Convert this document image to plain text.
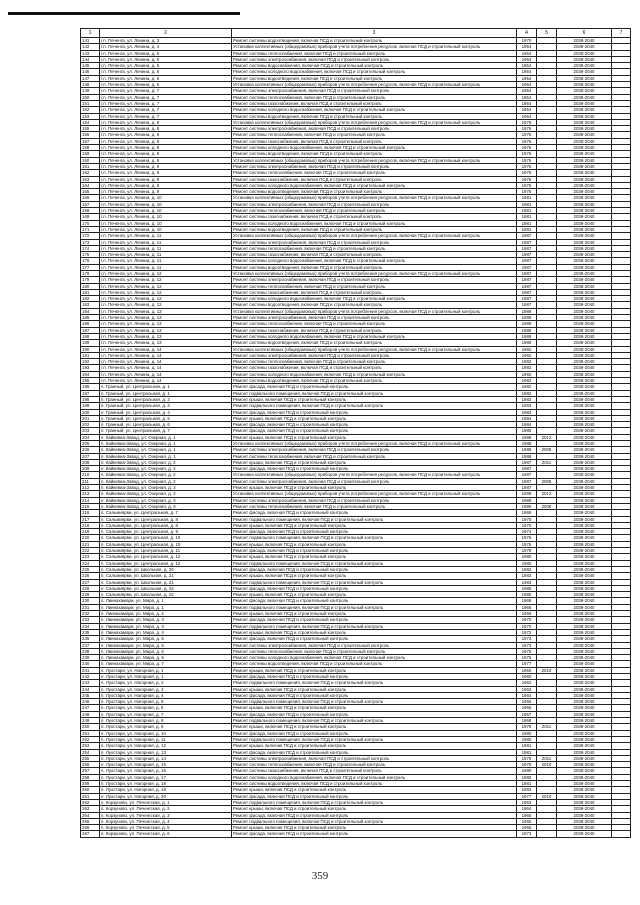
1	2	3	4	5	6	7
141	г.п. Печенга, ул. Ленина, д. 3	Ремонт системы водоотведения, включая ПСД и строительный контроль	1970		2038-2040	
142	г.п. Печенга, ул. Ленина, д. 4	Установка коллективных (общедомовых) приборов учета потребления ресурсов, включая ПСД и строительный контроль	1954		2038-2040	
143	г.п. Печенга, ул. Ленина, д. 5	Ремонт системы теплоснабжения, включая ПСД и строительный контроль	1954		2038-2040	
144	г.п. Печенга, ул. Ленина, д. 5	Ремонт системы электроснабжения, включая ПСД и строительный контроль	1954		2038-2040	
145	г.п. Печенга, ул. Ленина, д. 5	Ремонт системы водоснабжения, включая ПСД и строительный контроль	1954		2038-2040	
146	г.п. Печенга, ул. Ленина, д. 6	Ремонт системы холодного водоснабжения, включая ПСД и строительный контроль	1954		2038-2040	
147	г.п. Печенга, ул. Ленина, д. 6	Ремонт системы водоотведения, включая ПСД и строительный контроль	1954		2038-2040	
148	г.п. Печенга, ул. Ленина, д. 6	Установка коллективных (общедомовых) приборов учета потребления ресурсов, включая ПСД и строительный контроль	1954		2038-2040	
149	г.п. Печенга, ул. Ленина, д. 7	Ремонт системы электроснабжения, включая ПСД и строительный контроль	1954		2038-2040	
150	г.п. Печенга, ул. Ленина, д. 7	Ремонт системы теплоснабжения, включая ПСД и строительный контроль	1954		2038-2040	
151	г.п. Печенга, ул. Ленина, д. 7	Ремонт системы газоснабжения, включая ПСД и строительный контроль	1954		2038-2040	
152	г.п. Печенга, ул. Ленина, д. 7	Ремонт системы холодного водоснабжения, включая ПСД и строительный контроль	1954		2038-2040	
153	г.п. Печенга, ул. Ленина, д. 7	Ремонт системы водоотведения, включая ПСД и строительный контроль	1954		2038-2040	
154	г.п. Печенга, ул. Ленина, д. 8	Установка коллективных (общедомовых) приборов учета потребления ресурсов, включая ПСД и строительный контроль	1976		2038-2040	
155	г.п. Печенга, ул. Ленина, д. 8	Ремонт системы электроснабжения, включая ПСД и строительный контроль	1976		2038-2040	
156	г.п. Печенга, ул. Ленина, д. 8	Ремонт системы теплоснабжения, включая ПСД и строительный контроль	1976		2038-2040	
157	г.п. Печенга, ул. Ленина, д. 8	Ремонт системы газоснабжения, включая ПСД и строительный контроль	1976		2038-2040	
158	г.п. Печенга, ул. Ленина, д. 8	Ремонт системы холодного водоснабжения, включая ПСД и строительный контроль	1976		2038-2040	
159	г.п. Печенга, ул. Ленина, д. 8	Ремонт системы водоотведения, включая ПСД и строительный контроль	1976		2038-2040	
160	г.п. Печенга, ул. Ленина, д. 9	Установка коллективных (общедомовых) приборов учета потребления ресурсов, включая ПСД и строительный контроль	1976		2038-2040	
161	г.п. Печенга, ул. Ленина, д. 9	Ремонт системы электроснабжения, включая ПСД и строительный контроль	1976		2038-2040	
162	г.п. Печенга, ул. Ленина, д. 9	Ремонт системы теплоснабжения, включая ПСД и строительный контроль	1976		2038-2040	
163	г.п. Печенга, ул. Ленина, д. 9	Ремонт системы газоснабжения, включая ПСД и строительный контроль	1976		2038-2040	
164	г.п. Печенга, ул. Ленина, д. 9	Ремонт системы холодного водоснабжения, включая ПСД и строительный контроль	1976		2038-2040	
165	г.п. Печенга, ул. Ленина, д. 9	Ремонт системы водоотведения, включая ПСД и строительный контроль	1976		2038-2040	
166	г.п. Печенга, ул. Ленина, д. 10	Установка коллективных (общедомовых) приборов учета потребления ресурсов, включая ПСД и строительный контроль	1981		2038-2040	
167	г.п. Печенга, ул. Ленина, д. 10	Ремонт системы электроснабжения, включая ПСД и строительный контроль	1981		2038-2040	
168	г.п. Печенга, ул. Ленина, д. 10	Ремонт системы теплоснабжения, включая ПСД и строительный контроль	1981		2038-2040	
169	г.п. Печенга, ул. Ленина, д. 10	Ремонт системы газоснабжения, включая ПСД и строительный контроль	1981		2038-2040	
170	г.п. Печенга, ул. Ленина, д. 10	Ремонт системы холодного водоснабжения, включая ПСД и строительный контроль	1981		2038-2040	
171	г.п. Печенга, ул. Ленина, д. 10	Ремонт системы водоотведения, включая ПСД и строительный контроль	1981		2038-2040	
172	г.п. Печенга, ул. Ленина, д. 11	Установка коллективных (общедомовых) приборов учета потребления ресурсов, включая ПСД и строительный контроль	1987		2038-2040	
173	г.п. Печенга, ул. Ленина, д. 11	Ремонт системы электроснабжения, включая ПСД и строительный контроль	1987		2038-2040	
174	г.п. Печенга, ул. Ленина, д. 11	Ремонт системы теплоснабжения, включая ПСД и строительный контроль	1987		2038-2040	
175	г.п. Печенга, ул. Ленина, д. 11	Ремонт системы газоснабжения, включая ПСД и строительный контроль	1987		2038-2040	
176	г.п. Печенга, ул. Ленина, д. 11	Ремонт системы холодного водоснабжения, включая ПСД и строительный контроль	1987		2038-2040	
177	г.п. Печенга, ул. Ленина, д. 11	Ремонт системы водоотведения, включая ПСД и строительный контроль	1987		2038-2040	
178	г.п. Печенга, ул. Ленина, д. 12	Установка коллективных (общедомовых) приборов учета потребления ресурсов, включая ПСД и строительный контроль	1987		2038-2040	
179	г.п. Печенга, ул. Ленина, д. 12	Ремонт системы электроснабжения, включая ПСД и строительный контроль	1987		2038-2040	
180	г.п. Печенга, ул. Ленина, д. 12	Ремонт системы теплоснабжения, включая ПСД и строительный контроль	1987		2038-2040	
181	г.п. Печенга, ул. Ленина, д. 12	Ремонт системы газоснабжения, включая ПСД и строительный контроль	1987		2038-2040	
182	г.п. Печенга, ул. Ленина, д. 12	Ремонт системы холодного водоснабжения, включая ПСД и строительный контроль	1987		2038-2040	
183	г.п. Печенга, ул. Ленина, д. 12	Ремонт системы водоотведения, включая ПСД и строительный контроль	1987		2038-2040	
184	г.п. Печенга, ул. Ленина, д. 13	Установка коллективных (общедомовых) приборов учета потребления ресурсов, включая ПСД и строительный контроль	1989		2038-2040	
185	г.п. Печенга, ул. Ленина, д. 13	Ремонт системы электроснабжения, включая ПСД и строительный контроль	1989		2038-2040	
186	г.п. Печенга, ул. Ленина, д. 13	Ремонт системы теплоснабжения, включая ПСД и строительный контроль	1989		2038-2040	
187	г.п. Печенга, ул. Ленина, д. 13	Ремонт системы газоснабжения, включая ПСД и строительный контроль	1989		2038-2040	
188	г.п. Печенга, ул. Ленина, д. 13	Ремонт системы холодного водоснабжения, включая ПСД и строительный контроль	1989		2038-2040	
189	г.п. Печенга, ул. Ленина, д. 13	Ремонт системы водоотведения, включая ПСД и строительный контроль	1989		2038-2040	
190	г.п. Печенга, ул. Ленина, д. 14	Установка коллективных (общедомовых) приборов учета потребления ресурсов, включая ПСД и строительный контроль	1992		2038-2040	
191	г.п. Печенга, ул. Ленина, д. 14	Ремонт системы электроснабжения, включая ПСД и строительный контроль	1992		2038-2040	
192	г.п. Печенга, ул. Ленина, д. 14	Ремонт системы теплоснабжения, включая ПСД и строительный контроль	1992		2038-2040	
193	г.п. Печенга, ул. Ленина, д. 14	Ремонт системы газоснабжения, включая ПСД и строительный контроль	1992		2038-2040	
194	г.п. Печенга, ул. Ленина, д. 14	Ремонт системы холодного водоснабжения, включая ПСД и строительный контроль	1992		2038-2040	
195	г.п. Печенга, ул. Ленина, д. 14	Ремонт системы водоотведения, включая ПСД и строительный контроль	1992		2038-2040	
196	п. Гранный, ул. Центральная, д. 1	Ремонт фасада, включая ПСД и строительный контроль	1982		2038-2040	
197	п. Гранный, ул. Центральная, д. 1	Ремонт подвального помещения, включая ПСД и строительный контроль	1982		2038-2040	
198	п. Гранный, ул. Центральная, д. 2	Ремонт крыши, включая ПСД и строительный контроль	1982		2038-2040	
199	п. Гранный, ул. Центральная, д. 3	Ремонт подвального помещения, включая ПСД и строительный контроль	1983		2038-2040	
200	п. Гранный, ул. Центральная, д. 4	Ремонт фасада, включая ПСД и строительный контроль	1983		2038-2040	
201	п. Гранный, ул. Центральная, д. 5	Ремонт крыши, включая ПСД и строительный контроль	1984		2038-2040	
202	п. Гранный, ул. Центральная, д. 6	Ремонт фасада, включая ПСД и строительный контроль	1984		2038-2040	
203	п. Гранный, ул. Центральная, д. 7	Ремонт фасада, включая ПСД и строительный контроль	1985		2038-2040	
204	п. Кайкевиа-Завод, ул. Озерная, д. 1	Ремонт крыши, включая ПСД и строительный контроль	1988	2012	2038-2040	
205	п. Кайкевиа-Завод, ул. Озерная, д. 1	Установка коллективных (общедомовых) приборов учета потребления ресурсов, включая ПСД и строительный контроль	1988		2038-2040	
206	п. Кайкевиа-Завод, ул. Озерная, д. 1	Ремонт системы электроснабжения, включая ПСД и строительный контроль	1988	2008	2038-2040	
207	п. Кайкевиа-Завод, ул. Озерная, д. 1	Ремонт системы теплоснабжения, включая ПСД и строительный контроль	1988		2038-2040	
208	п. Кайкевиа-Завод, ул. Озерная, д. 2	Ремонт крыши, включая ПСД и строительный контроль	1987	2011	2038-2040	
209	п. Кайкевиа-Завод, ул. Озерная, д. 2	Ремонт фасада, включая ПСД и строительный контроль	1987		2038-2040	
210	п. Кайкевиа-Завод, ул. Озерная, д. 2	Установка коллективных (общедомовых) приборов учета потребления ресурсов, включая ПСД и строительный контроль	1987		2038-2040	
211	п. Кайкевиа-Завод, ул. Озерная, д. 2	Ремонт системы электроснабжения, включая ПСД и строительный контроль	1987	2008	2038-2040	
212	п. Кайкевиа-Завод, ул. Озерная, д. 3	Ремонт крыши, включая ПСД и строительный контроль	1987		2038-2040	
213	п. Кайкевиа-Завод, ул. Озерная, д. 3	Установка коллективных (общедомовых) приборов учета потребления ресурсов, включая ПСД и строительный контроль	1989	2012	2038-2040	
214	п. Кайкевиа-Завод, ул. Озерная, д. 3	Ремонт системы электроснабжения, включая ПСД и строительный контроль	1989		2038-2040	
215	п. Кайкевиа-Завод, ул. Озерная, д. 3	Ремонт системы теплоснабжения, включая ПСД и строительный контроль	1989	2008	2038-2040	
216	п. Сальмиярви, ул. Центральная, д. 7	Ремонт фасада, включая ПСД и строительный контроль	1969		2038-2040	
217	п. Сальмиярви, ул. Центральная, д. 8	Ремонт подвального помещения, включая ПСД и строительный контроль	1970		2038-2040	
218	п. Сальмиярви, ул. Центральная, д. 8	Ремонт крыши, включая ПСД и строительный контроль	1970		2038-2040	
219	п. Сальмиярви, ул. Центральная, д. 9	Ремонт фасада, включая ПСД и строительный контроль	1974		2038-2040	
220	п. Сальмиярви, ул. Центральная, д. 10	Ремонт подвального помещения, включая ПСД и строительный контроль	1976		2038-2040	
221	п. Сальмиярви, ул. Центральная, д. 10	Ремонт крыши, включая ПСД и строительный контроль	1976		2038-2040	
222	п. Сальмиярви, ул. Центральная, д. 11	Ремонт фасада, включая ПСД и строительный контроль	1978		2038-2040	
223	п. Сальмиярви, ул. Центральная, д. 12	Ремонт крыши, включая ПСД и строительный контроль	1980		2038-2040	
224	п. Сальмиярви, ул. Центральная, д. 12	Ремонт подвального помещения, включая ПСД и строительный контроль	1980		2038-2040	
225	п. Сальмиярви, ул. Школьная, д. 20	Ремонт фасада, включая ПСД и строительный контроль	1982		2038-2040	
226	п. Сальмиярви, ул. Школьная, д. 21	Ремонт крыши, включая ПСД и строительный контроль	1983		2038-2040	
227	п. Сальмиярви, ул. Школьная, д. 21	Ремонт подвального помещения, включая ПСД и строительный контроль	1983		2038-2040	
228	п. Сальмиярви, ул. Школьная, д. 22	Ремонт фасада, включая ПСД и строительный контроль	1985		2038-2040	
229	п. Сальмиярви, ул. Школьная, д. 22	Ремонт крыши, включая ПСД и строительный контроль	1985		2038-2040	
230	п. Лиинахамари, ул. Мира, д. 1	Ремонт фасада, включая ПСД и строительный контроль	1968		2038-2040	
231	п. Лиинахамари, ул. Мира, д. 1	Ремонт подвального помещения, включая ПСД и строительный контроль	1968		2038-2040	
232	п. Лиинахамари, ул. Мира, д. 2	Ремонт крыши, включая ПСД и строительный контроль	1969		2038-2040	
233	п. Лиинахамари, ул. Мира, д. 3	Ремонт фасада, включая ПСД и строительный контроль	1970		2038-2040	
234	п. Лиинахамари, ул. Мира, д. 3	Ремонт подвального помещения, включая ПСД и строительный контроль	1970		2038-2040	
235	п. Лиинахамари, ул. Мира, д. 4	Ремонт крыши, включая ПСД и строительный контроль	1972		2038-2040	
236	п. Лиинахамари, ул. Мира, д. 5	Ремонт фасада, включая ПСД и строительный контроль	1973		2038-2040	
237	п. Лиинахамари, ул. Мира, д. 5	Ремонт системы электроснабжения, включая ПСД и строительный контроль	1973		2038-2040	
238	п. Лиинахамари, ул. Мира, д. 6	Ремонт системы теплоснабжения, включая ПСД и строительный контроль	1975		2038-2040	
239	п. Лиинахамари, ул. Мира, д. 6	Ремонт системы холодного водоснабжения, включая ПСД и строительный контроль	1975		2038-2040	
240	п. Лиинахамари, ул. Мира, д. 7	Ремонт системы водоотведения, включая ПСД и строительный контроль	1977		2038-2040	
241	п. Луостари, ул. Нагорная, д. 1	Ремонт крыши, включая ПСД и строительный контроль	1960	2010	2038-2040	
242	п. Луостари, ул. Нагорная, д. 1	Ремонт фасада, включая ПСД и строительный контроль	1960		2038-2040	
243	п. Луостари, ул. Нагорная, д. 2	Ремонт подвального помещения, включая ПСД и строительный контроль	1962		2038-2040	
244	п. Луостари, ул. Нагорная, д. 3	Ремонт крыши, включая ПСД и строительный контроль	1963		2038-2040	
245	п. Луостари, ул. Нагорная, д. 4	Ремонт фасада, включая ПСД и строительный контроль	1964		2038-2040	
246	п. Луостари, ул. Нагорная, д. 5	Ремонт подвального помещения, включая ПСД и строительный контроль	1965		2038-2040	
247	п. Луостари, ул. Нагорная, д. 6	Ремонт крыши, включая ПСД и строительный контроль	1966		2038-2040	
248	п. Луостари, ул. Нагорная, д. 7	Ремонт фасада, включая ПСД и строительный контроль	1967		2038-2040	
249	п. Луостари, ул. Нагорная, д. 8	Ремонт подвального помещения, включая ПСД и строительный контроль	1968		2038-2040	
250	п. Луостари, ул. Нагорная, д. 9	Ремонт крыши, включая ПСД и строительный контроль	1979	2011	2038-2040	
251	п. Луостари, ул. Нагорная, д. 10	Ремонт фасада, включая ПСД и строительный контроль	1980		2038-2040	
252	п. Луостари, ул. Нагорная, д. 11	Ремонт подвального помещения, включая ПСД и строительный контроль	1980		2038-2040	
253	п. Луостари, ул. Нагорная, д. 12	Ремонт крыши, включая ПСД и строительный контроль	1981		2038-2040	
254	п. Луостари, ул. Нагорная, д. 13	Ремонт фасада, включая ПСД и строительный контроль	1981		2038-2040	
255	п. Луостари, ул. Нагорная, д. 14	Ремонт системы электроснабжения, включая ПСД и строительный контроль	1979	2011	2038-2040	
256	п. Луостари, ул. Нагорная, д. 15	Ремонт системы теплоснабжения, включая ПСД и строительный контроль	1979	2010	2038-2040	
257	п. Луостари, ул. Нагорная, д. 16	Ремонт системы газоснабжения, включая ПСД и строительный контроль	1980		2038-2040	
258	п. Луостари, ул. Нагорная, д. 17	Ремонт системы холодного водоснабжения, включая ПСД и строительный контроль	1980		2038-2040	
259	п. Луостари, ул. Нагорная, д. 18	Ремонт системы водоотведения, включая ПСД и строительный контроль	1981		2038-2040	
260	п. Луостари, ул. Нагорная, д. 19	Ремонт крыши, включая ПСД и строительный контроль	1982		2038-2040	
261	п. Луостари, ул. Нагорная, д. 20	Ремонт фасада, включая ПСД и строительный контроль	1977	2010	2038-2040	
262	п. Корзуново, ул. Печенгская, д. 1	Ремонт подвального помещения, включая ПСД и строительный контроль	1963		2038-2040	
263	п. Корзуново, ул. Печенгская, д. 2	Ремонт крыши, включая ПСД и строительный контроль	1964		2038-2040	
264	п. Корзуново, ул. Печенгская, д. 3	Ремонт фасада, включая ПСД и строительный контроль	1965		2038-2040	
265	п. Корзуново, ул. Печенгская, д. 4	Ремонт подвального помещения, включая ПСД и строительный контроль	1965		2038-2040	
266	п. Корзуново, ул. Печенгская, д. 5	Ремонт крыши, включая ПСД и строительный контроль	1966		2038-2040	
267	п. Корзуново, ул. Печенгская, д. 6	Ремонт фасада, включая ПСД и строительный контроль	1973		2038-2040	
359
